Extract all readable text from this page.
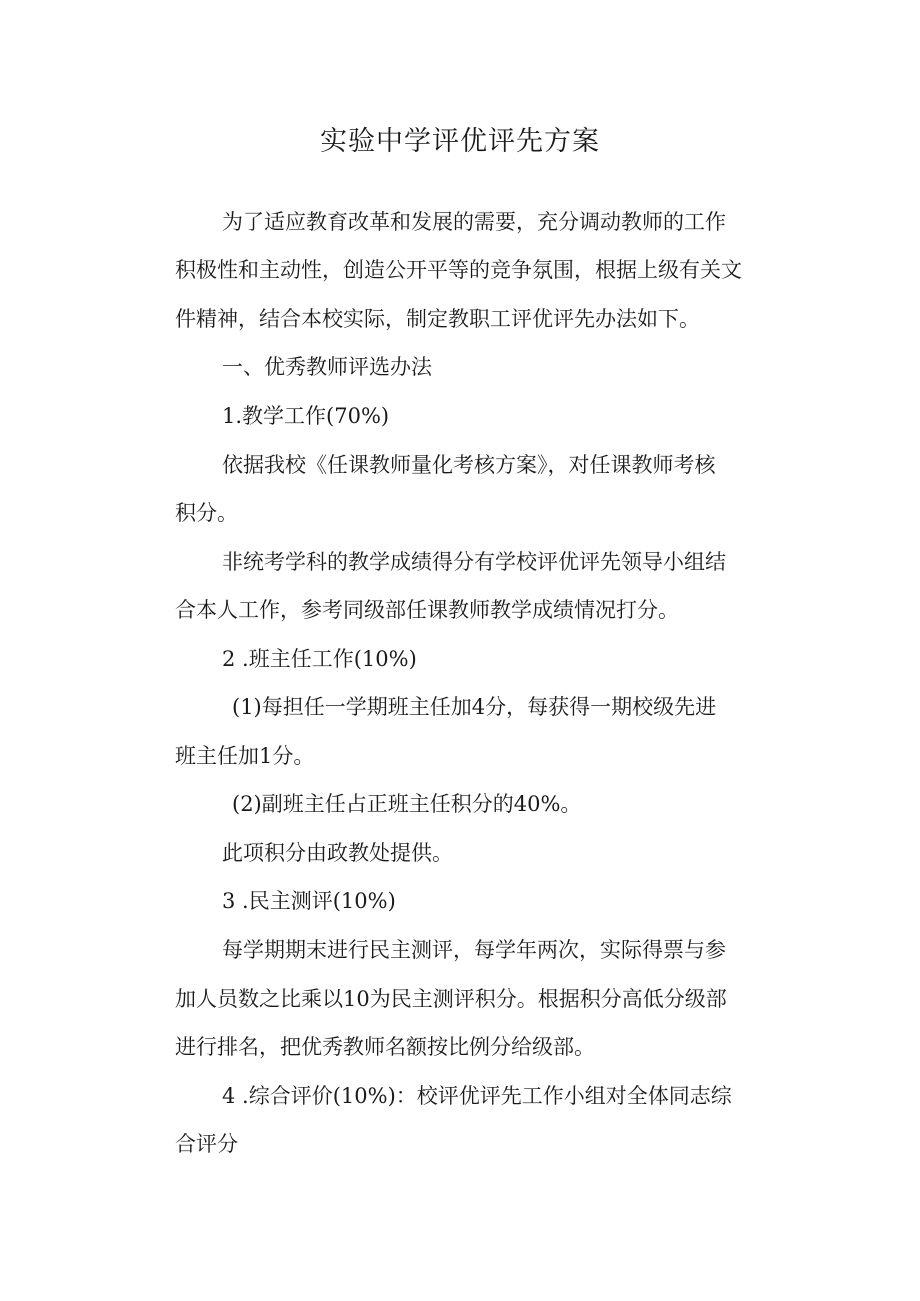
实验中学评优评先方案
为了适应教育改革和发展的需要，充分调动教师的工作
积极性和主动性，创造公开平等的竞争氛围，根据上级有关文
件精神，结合本校实际，制定教职工评优评先办法如下。
一、优秀教师评选办法
1.教学工作(70%)
依据我校《任课教师量化考核方案》，对任课教师考核
积分。
非统考学科的教学成绩得分有学校评优评先领导小组结
合本人工作，参考同级部任课教师教学成绩情况打分。
2 .班主任工作(10%)
(1)每担任一学期班主任加4分，每获得一期校级先进
班主任加1分。
(2)副班主任占正班主任积分的40%。
此项积分由政教处提供。
3 .民主测评(10%)
每学期期末进行民主测评，每学年两次，实际得票与参
加人员数之比乘以10为民主测评积分。根据积分高低分级部
进行排名，把优秀教师名额按比例分给级部。
4 .综合评价(10%)：校评优评先工作小组对全体同志综
合评分
